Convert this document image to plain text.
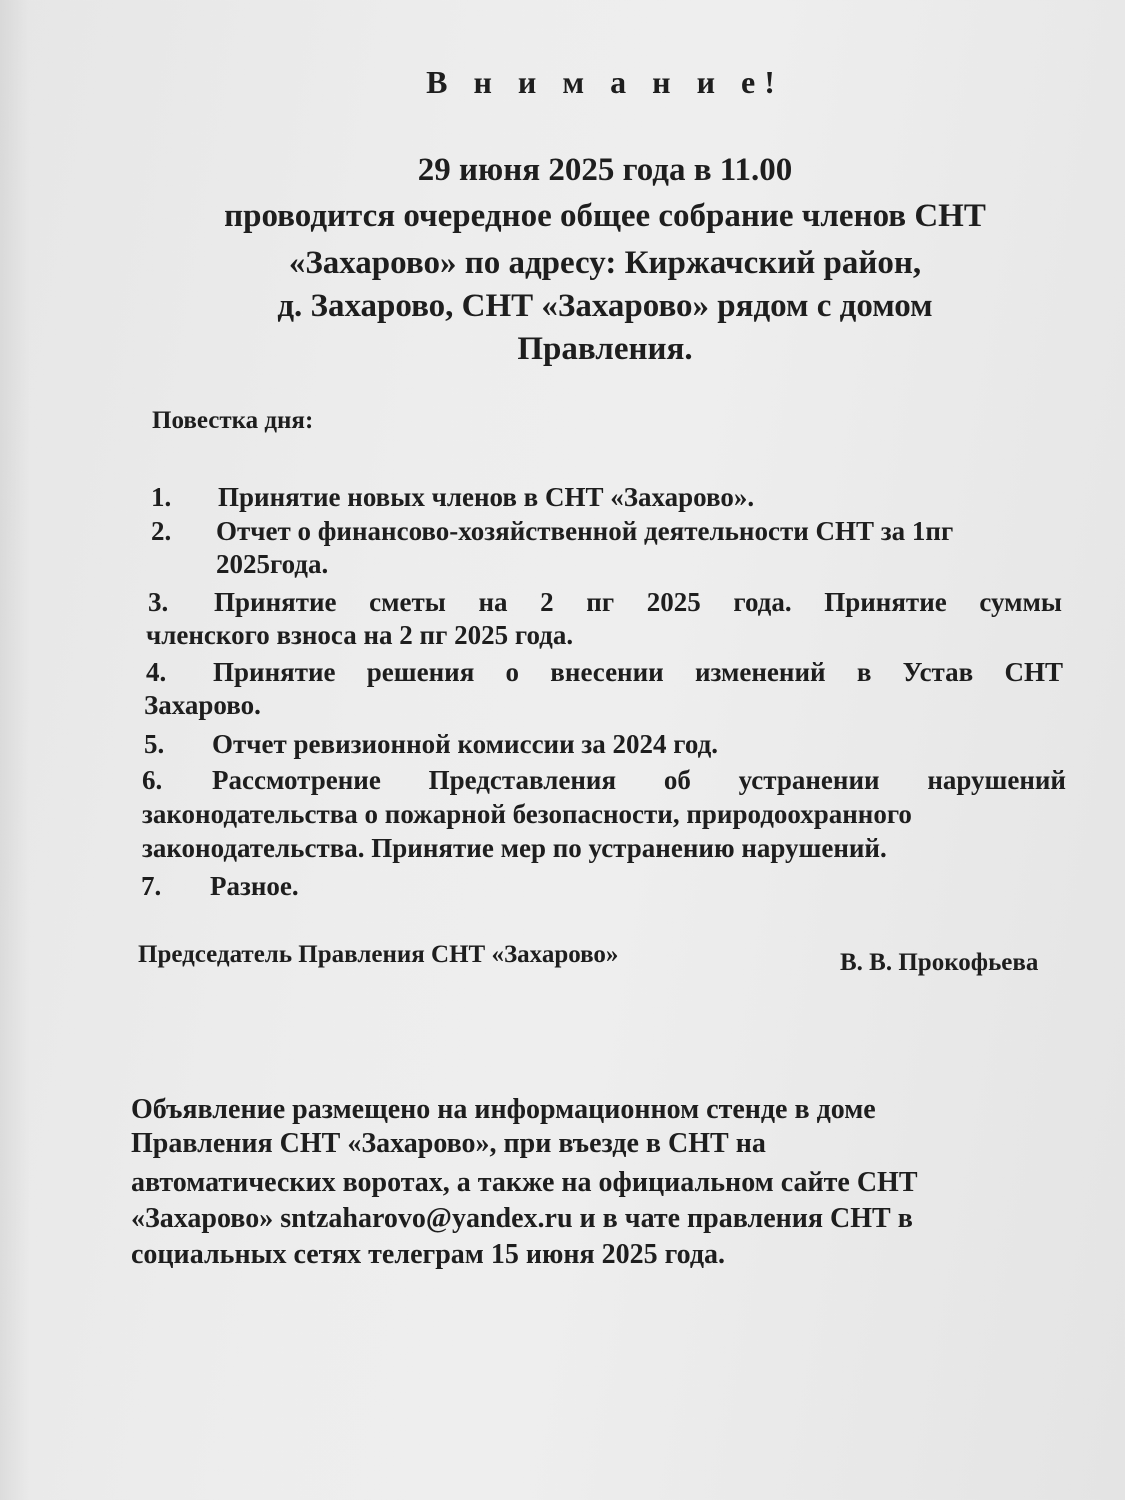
В н и м а н и е!

29 июня 2025 года в 11.00

проводится очередное общее собрание членов СНТ

«Захарово» по адресу: Киржачский район,

д. Захарово, СНТ «Захарово» рядом с домом

Правления.

Повестка дня:

1. Принятие новых членов в СНТ «Захарово».
2. Отчет о финансово-хозяйственной деятельности СНТ за 1пг
2025года.
3. Принятие сметы на 2 пг 2025 года. Принятие суммы
членского взноса на 2 пг 2025 года.
4. Принятие решения о внесении изменений в Устав СНТ
Захарово.
5. Отчет ревизионной комиссии за 2024 год.
6. Рассмотрение Представления об устранении нарушений
законодательства о пожарной безопасности, природоохранного
законодательства. Принятие мер по устранению нарушений.
7. Разное.

Председатель Правления СНТ «Захарово»	В. В. Прокофьева

Объявление размещено на информационном стенде в доме

Правления СНТ «Захарово», при въезде в СНТ на

автоматических воротах, а также на официальном сайте СНТ

«Захарово» sntzaharovo@yandex.ru и в чате правления СНТ в

социальных сетях телеграм 15 июня 2025 года.
